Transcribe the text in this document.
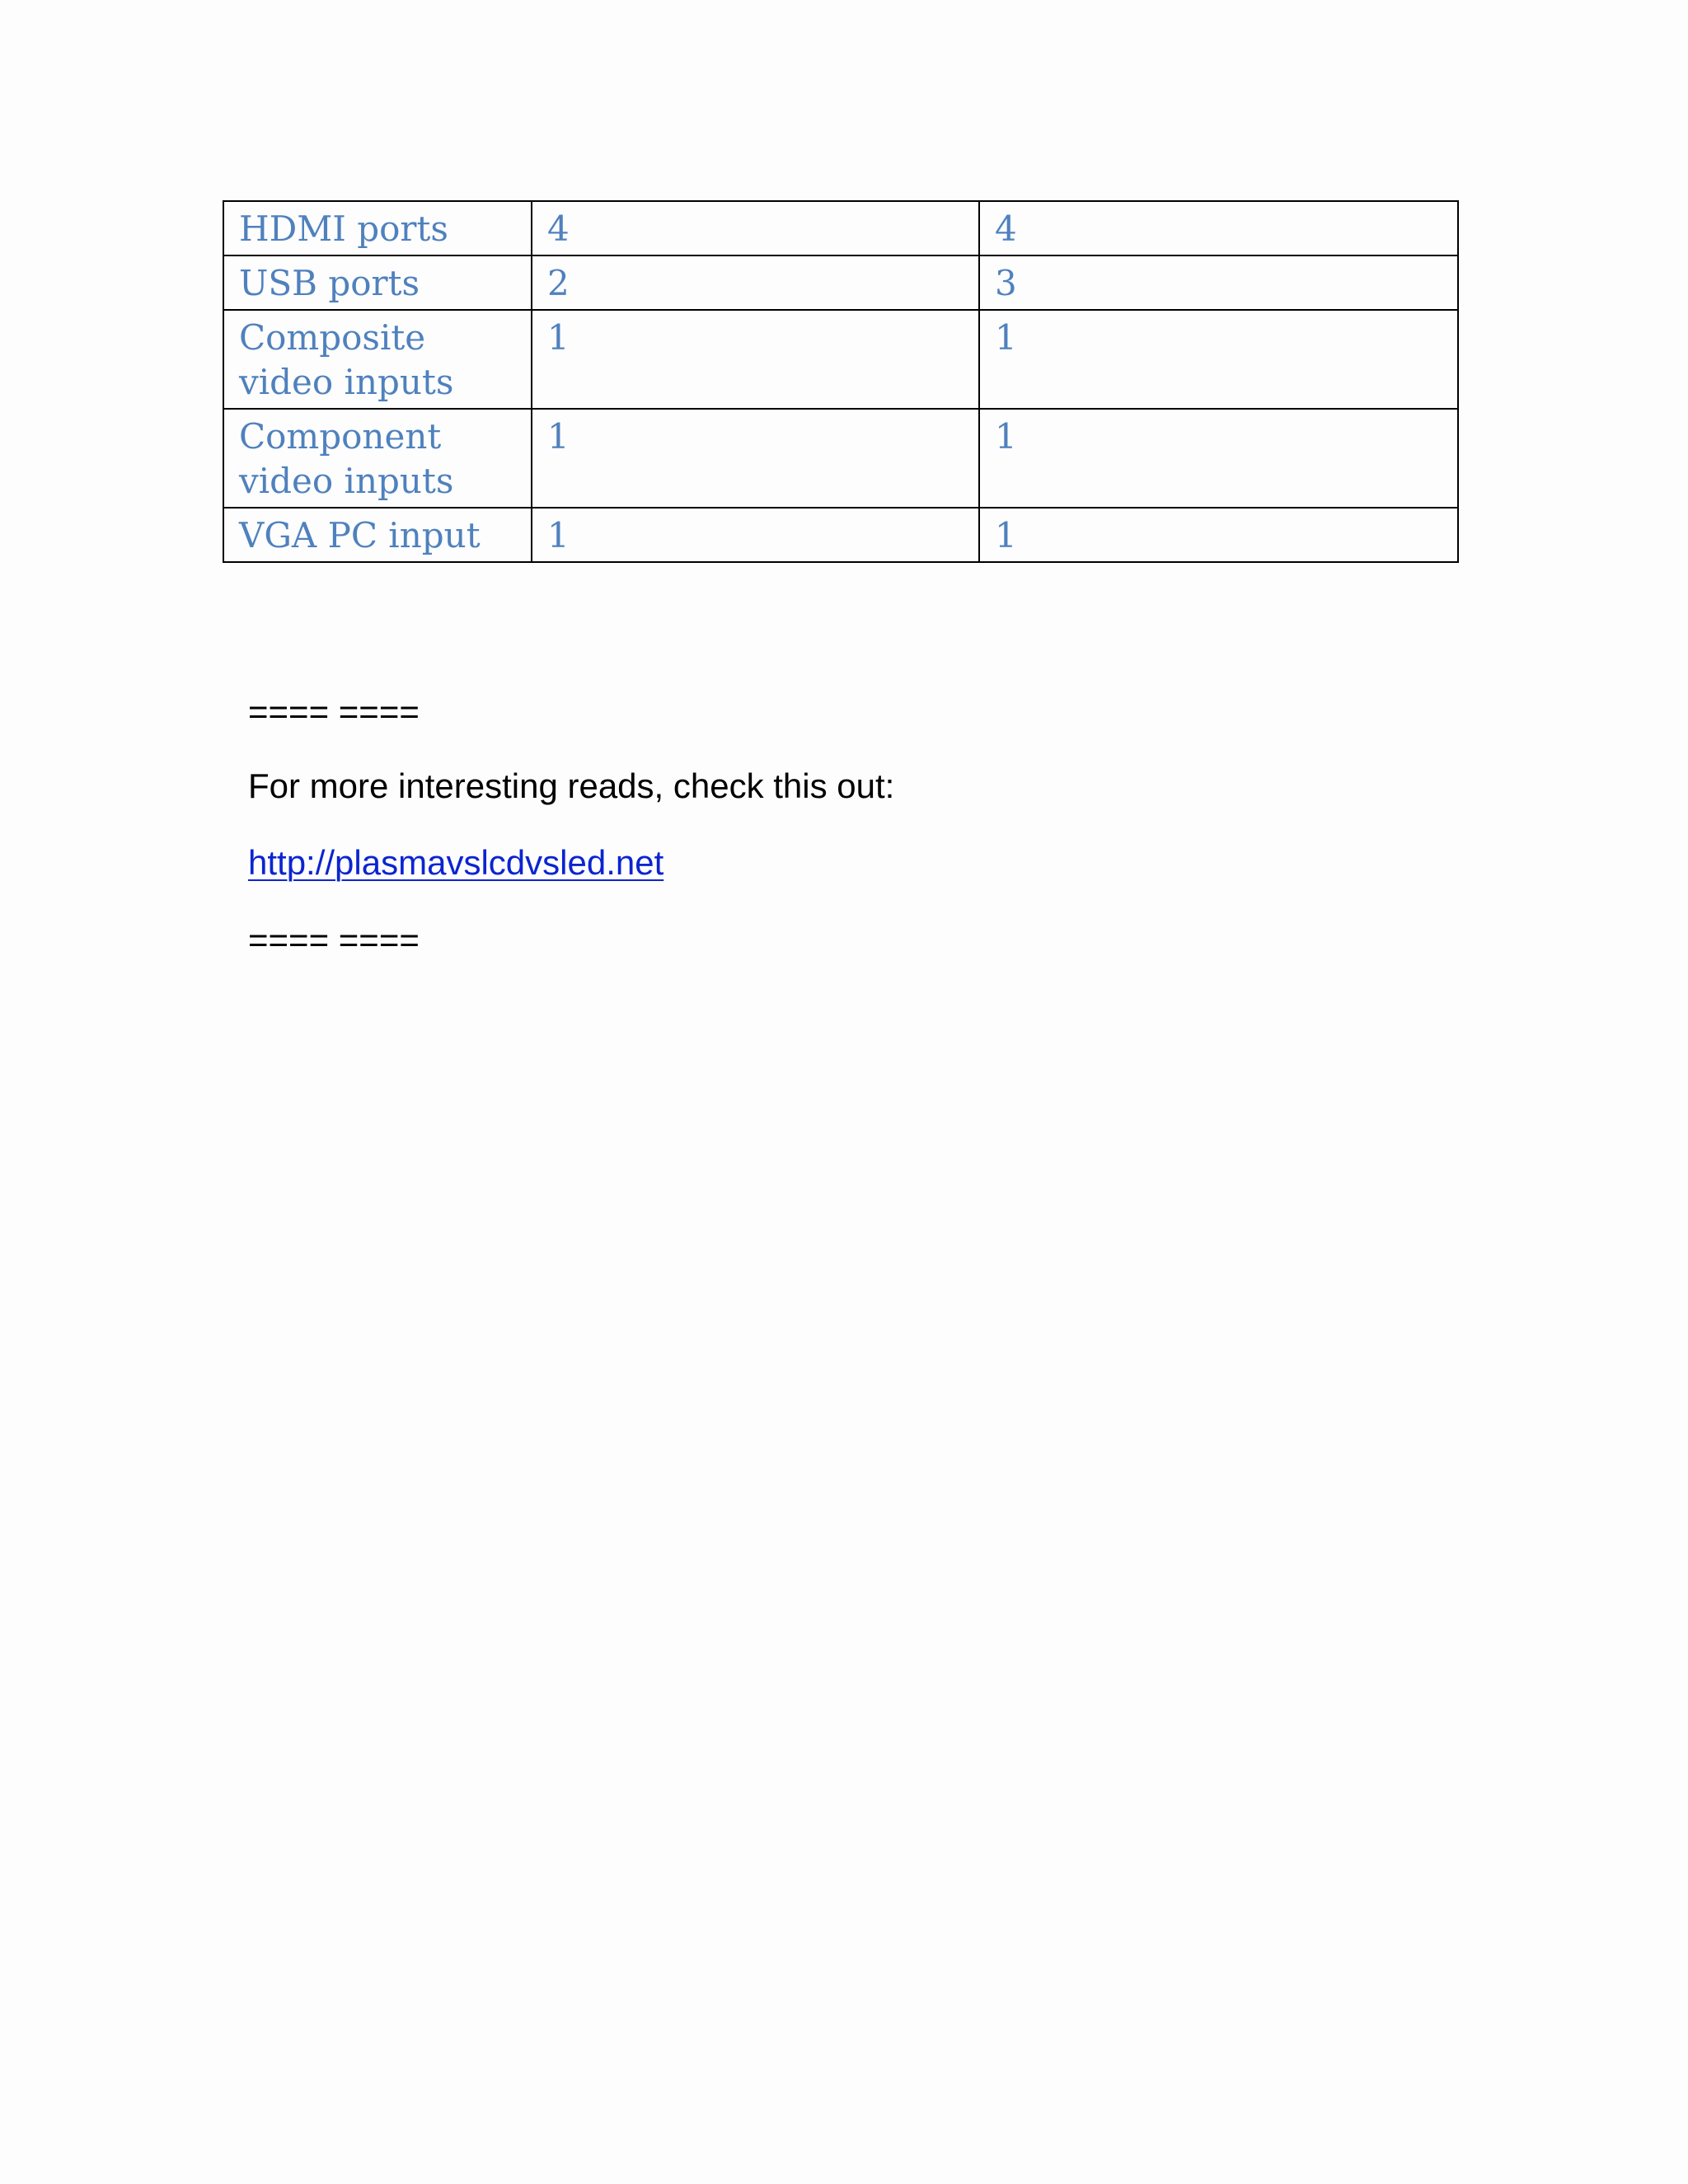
HDMI ports	4	4
USB ports	2	3
Composite video inputs	1	1
Component video inputs	1	1
VGA PC input	1	1

==== ====

For more interesting reads, check this out:

http://plasmavslcdvsled.net

==== ====
